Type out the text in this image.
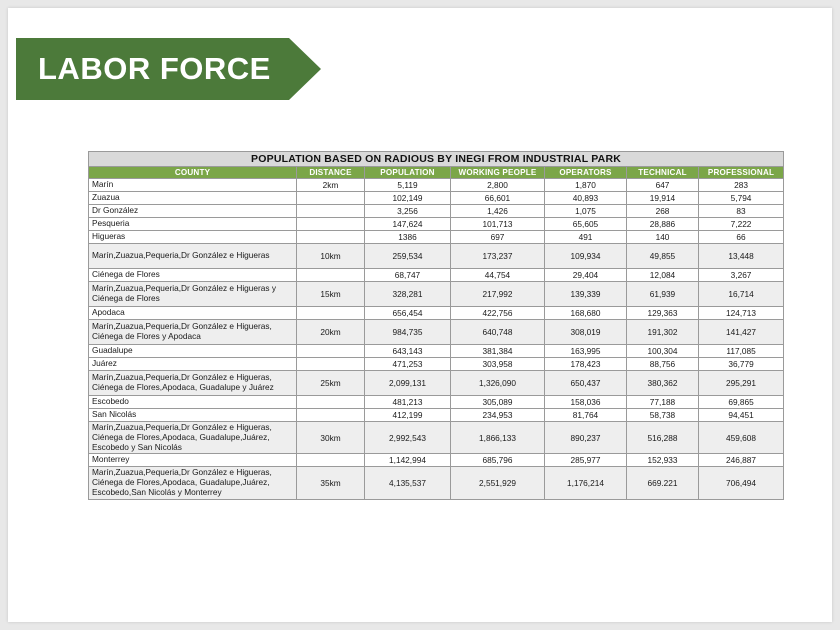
LABOR FORCE
POPULATION BASED ON RADIOUS BY INEGI FROM INDUSTRIAL PARK						
COUNTY	DISTANCE	POPULATION	WORKING PEOPLE	OPERATORS	TECHNICAL	PROFESSIONAL
Marín	2km	5,119	2,800	1,870	647	283
Zuazua		102,149	66,601	40,893	19,914	5,794
Dr González		3,256	1,426	1,075	268	83
Pesqueria		147,624	101,713	65,605	28,886	7,222
Higueras		1386	697	491	140	66
Marín,Zuazua,Pequeria,Dr González e Higueras	10km	259,534	173,237	109,934	49,855	13,448
Ciénega de Flores		68,747	44,754	29,404	12,084	3,267
Marín,Zuazua,Pequeria,Dr González e Higueras y Ciénega de Flores	15km	328,281	217,992	139,339	61,939	16,714
Apodaca		656,454	422,756	168,680	129,363	124,713
Marín,Zuazua,Pequeria,Dr González e Higueras, Ciénega de Flores y Apodaca	20km	984,735	640,748	308,019	191,302	141,427
Guadalupe		643,143	381,384	163,995	100,304	117,085
Juárez		471,253	303,958	178,423	88,756	36,779
Marín,Zuazua,Pequeria,Dr González e Higueras, Ciénega de Flores,Apodaca, Guadalupe y Juárez	25km	2,099,131	1,326,090	650,437	380,362	295,291
Escobedo		481,213	305,089	158,036	77,188	69,865
San Nicolás		412,199	234,953	81,764	58,738	94,451
Marín,Zuazua,Pequeria,Dr González e Higueras, Ciénega de Flores,Apodaca, Guadalupe,Juárez, Escobedo y San Nicolás	30km	2,992,543	1,866,133	890,237	516,288	459,608
Monterrey		1,142,994	685,796	285,977	152,933	246,887
Marín,Zuazua,Pequeria,Dr González e Higueras, Ciénega de Flores,Apodaca, Guadalupe,Juárez, Escobedo,San Nicolás y Monterrey	35km	4,135,537	2,551,929	1,176,214	669.221	706,494
